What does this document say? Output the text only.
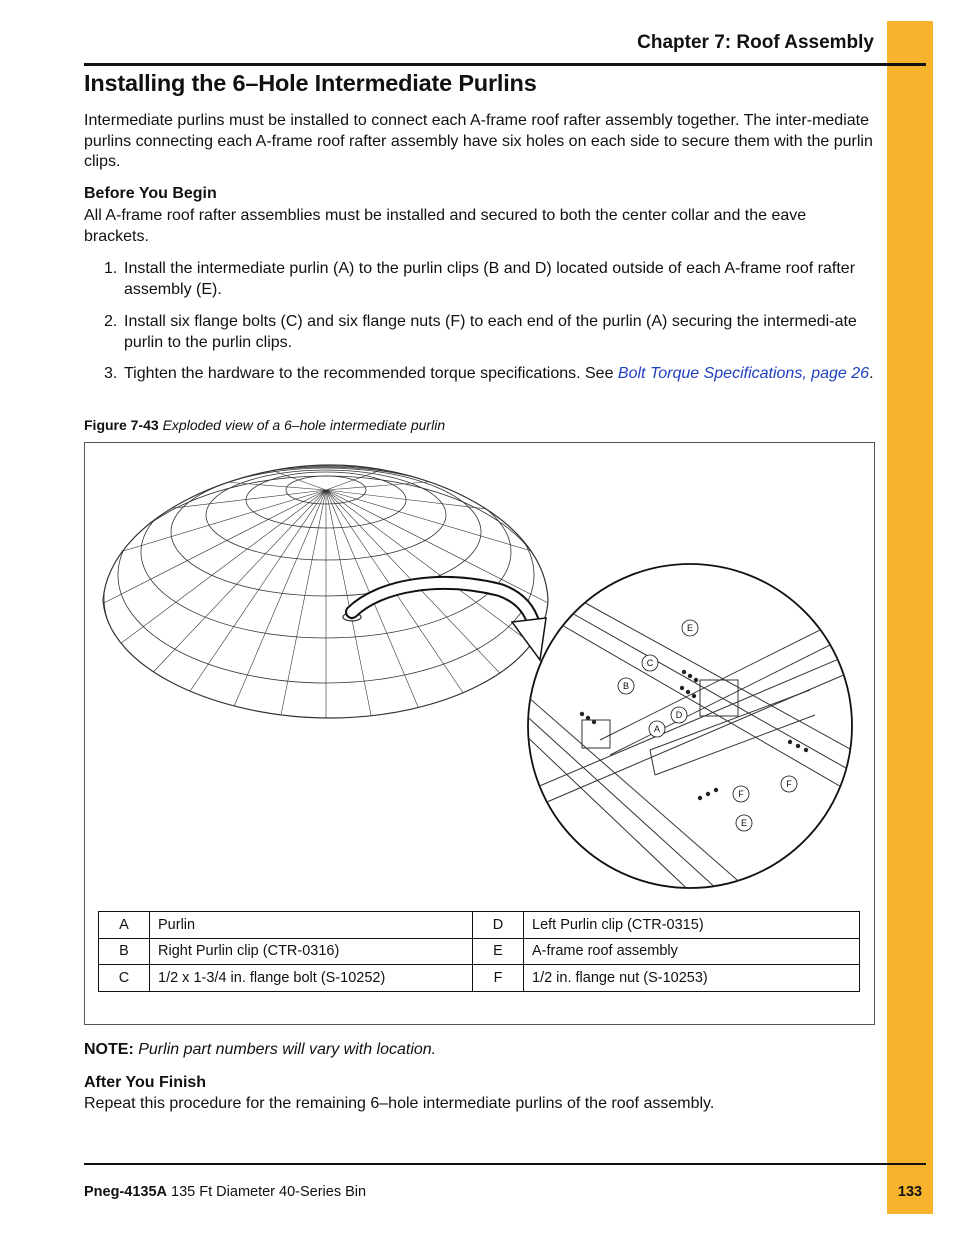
Chapter 7: Roof Assembly
Installing the 6–Hole Intermediate Purlins

Intermediate purlins must be installed to connect each A-frame roof rafter assembly together. The inter-mediate purlins connecting each A-frame roof rafter assembly have six holes on each side to secure them with the purlin clips.

Before You Begin

All A-frame roof rafter assemblies must be installed and secured to both the center collar and the eave brackets.

1. Install the intermediate purlin (A) to the purlin clips (B and D) located outside of each A-frame roof rafter assembly (E).
2. Install six flange bolts (C) and six flange nuts (F) to each end of the purlin (A) securing the intermedi-ate purlin to the purlin clips.
3. Tighten the hardware to the recommended torque specifications. See Bolt Torque Specifications, page 26.
Figure 7-43 Exploded view of a 6–hole intermediate purlin
E
C
B
D
A
F
F
E
A	Purlin	D	Left Purlin clip (CTR-0315)
B	Right Purlin clip (CTR-0316)	E	A-frame roof assembly
C	1/2 x 1-3/4 in. flange bolt (S-10252)	F	1/2 in. flange nut (S-10253)
NOTE: Purlin part numbers will vary with location.

After You Finish

Repeat this procedure for the remaining 6–hole intermediate purlins of the roof assembly.

Pneg-4135A 135 Ft Diameter 40-Series Bin	133
